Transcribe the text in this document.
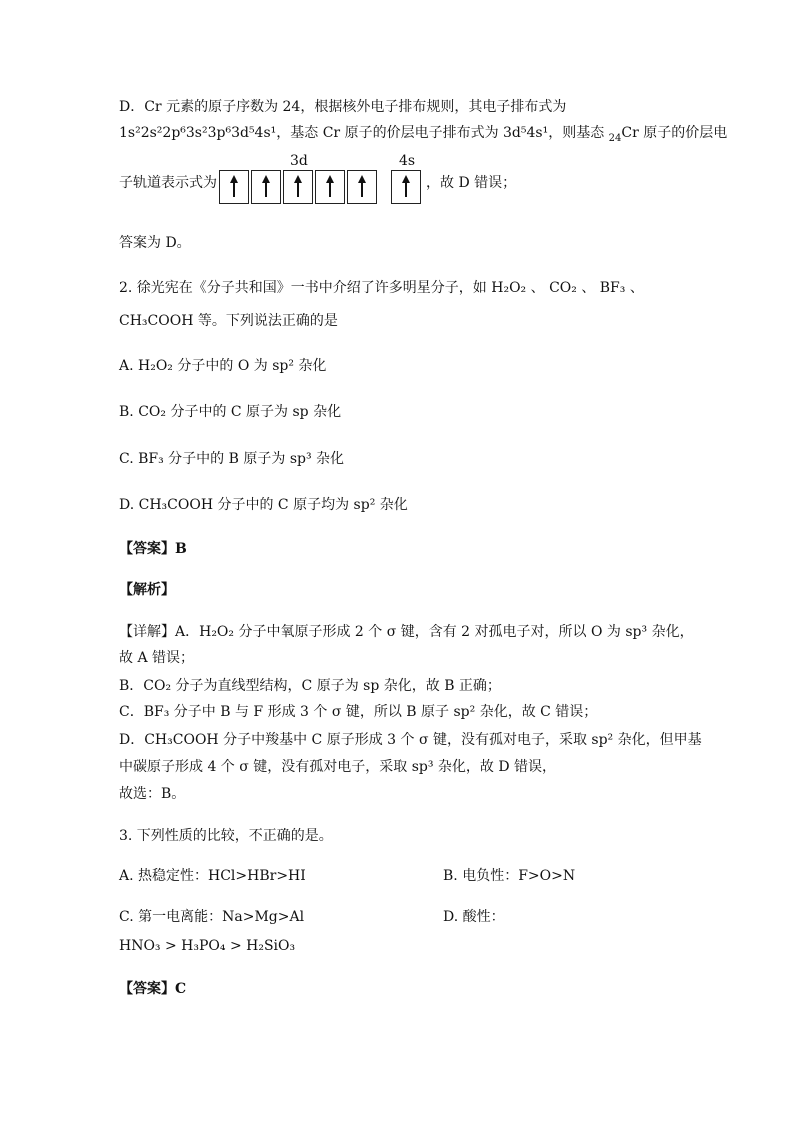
D．Cr 元素的原子序数为 24，根据核外电子排布规则，其电子排布式为
1s²2s²2p⁶3s²3p⁶3d⁵4s¹，基态 Cr 原子的价层电子排布式为 3d⁵4s¹，则基态 $_{24}$Cr 原子的价层电
子轨道表示式为
3d	4s
，故 D 错误；
答案为 D。
2. 徐光宪在《分子共和国》一书中介绍了许多明星分子，如 H₂O₂ 、 CO₂ 、 BF₃ 、
CH₃COOH 等。下列说法正确的是
A. H₂O₂ 分子中的 O 为 sp² 杂化
B. CO₂ 分子中的 C 原子为 sp 杂化
C. BF₃ 分子中的 B 原子为 sp³ 杂化
D. CH₃COOH 分子中的 C 原子均为 sp² 杂化
【答案】B
【解析】
【详解】A．H₂O₂ 分子中氧原子形成 2 个 σ 键，含有 2 对孤电子对，所以 O 为 sp³ 杂化，
故 A 错误；
B．CO₂ 分子为直线型结构，C 原子为 sp 杂化，故 B 正确；
C．BF₃ 分子中 B 与 F 形成 3 个 σ 键，所以 B 原子 sp² 杂化，故 C 错误；
D．CH₃COOH 分子中羧基中 C 原子形成 3 个 σ 键，没有孤对电子，采取 sp² 杂化，但甲基
中碳原子形成 4 个 σ 键，没有孤对电子，采取 sp³ 杂化，故 D 错误，
故选：B。
3. 下列性质的比较，不正确的是。
A. 热稳定性：HCl>HBr>HI	B. 电负性：F>O>N
C. 第一电离能：Na>Mg>Al	D. 酸性：
HNO₃ > H₃PO₄ > H₂SiO₃
【答案】C
